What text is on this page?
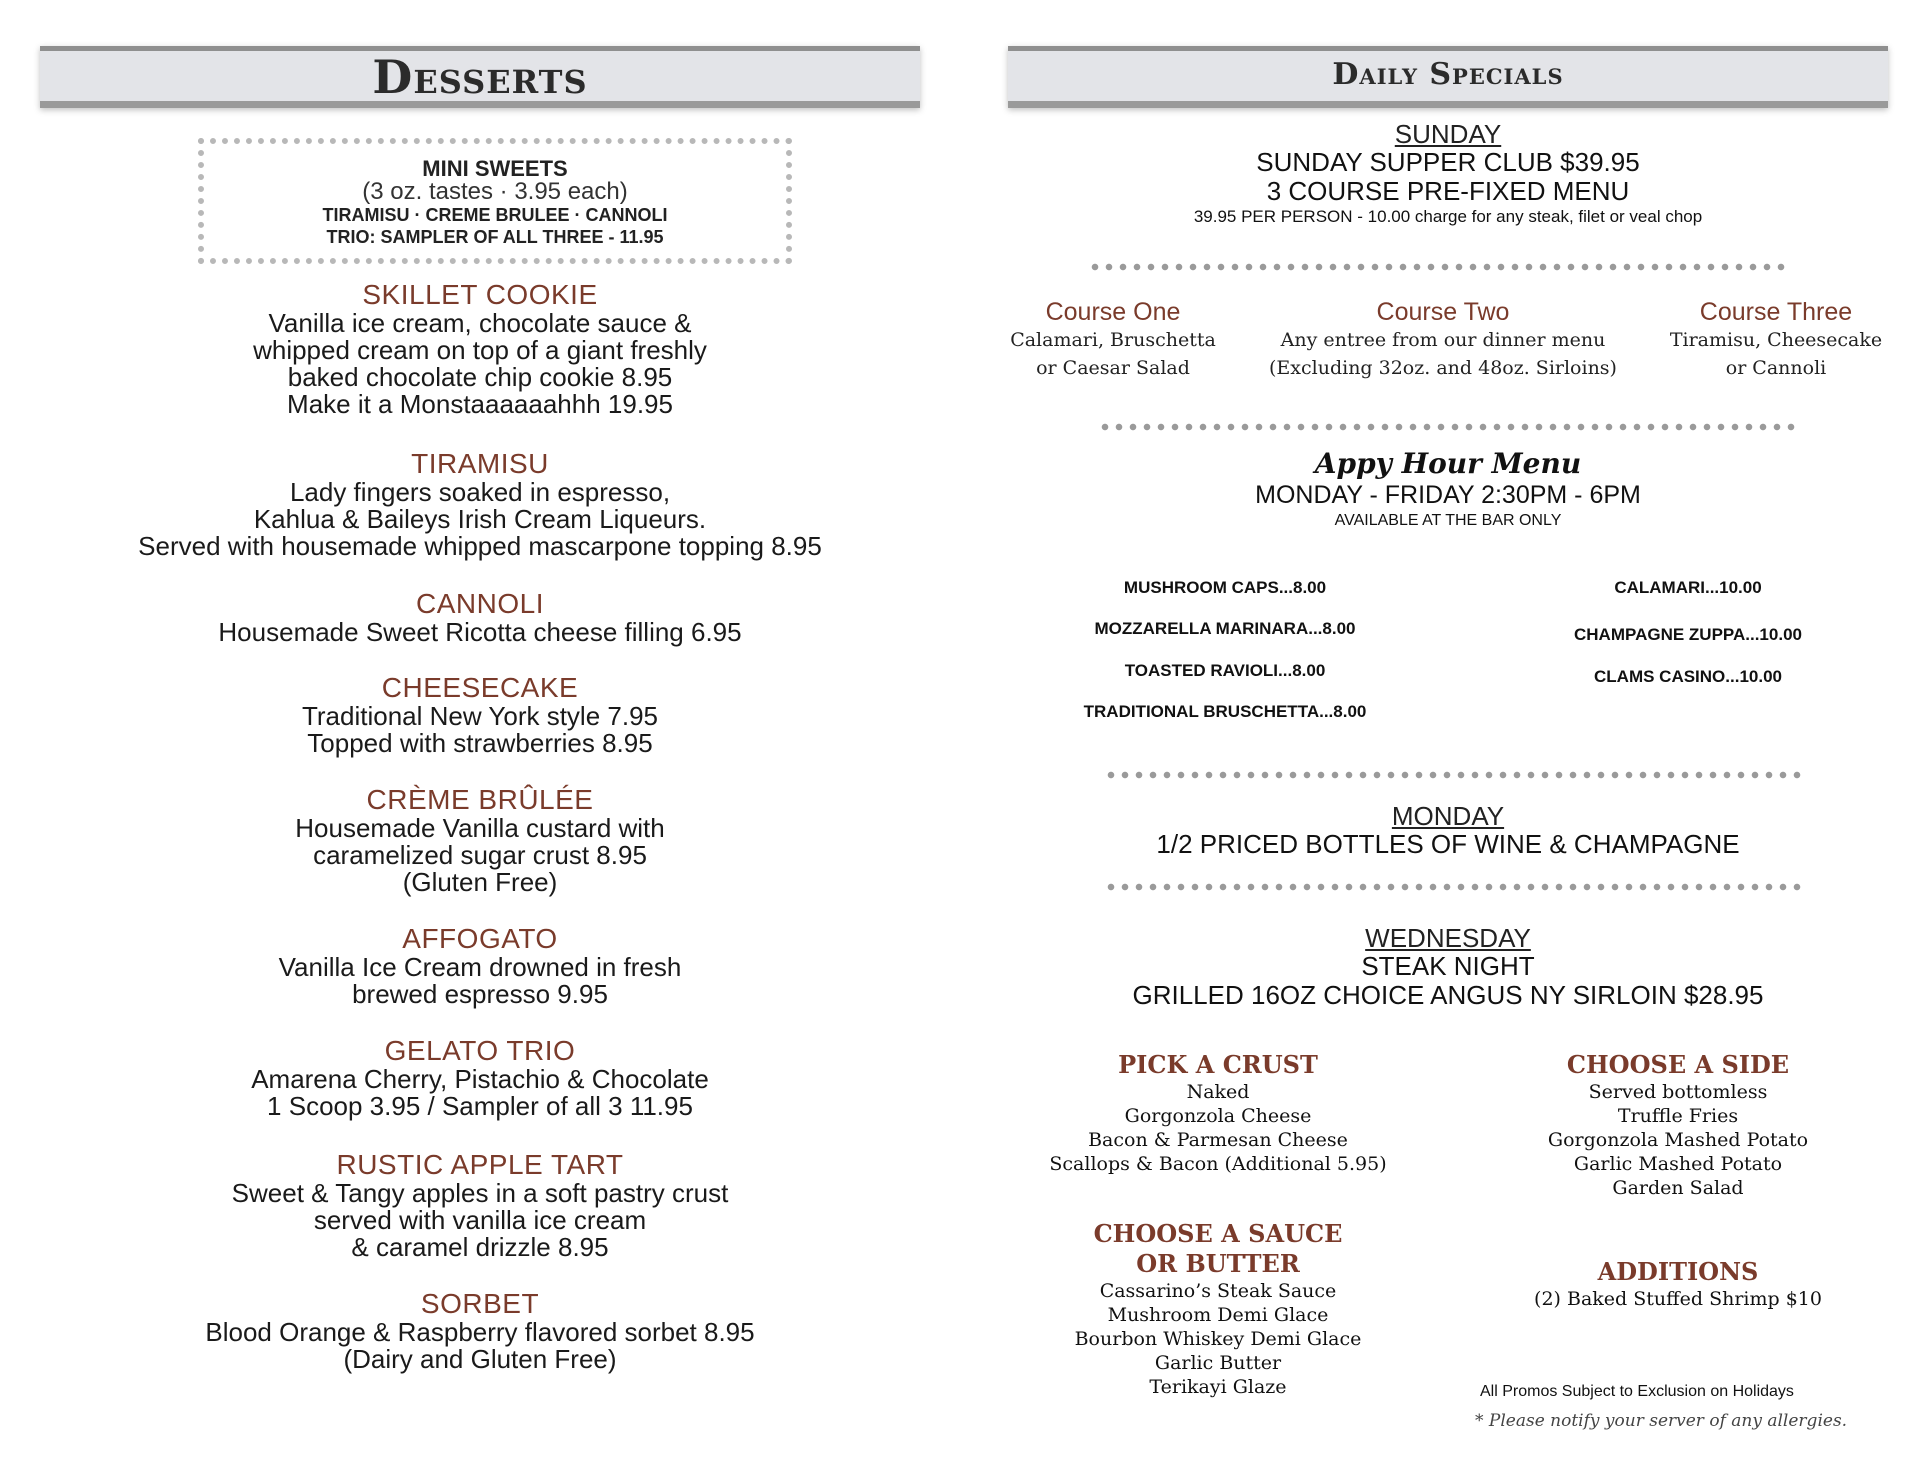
Desserts
MINI SWEETS
(3 oz. tastes · 3.95 each)
TIRAMISU · CREME BRULEE · CANNOLI
TRIO: SAMPLER OF ALL THREE - 11.95
SKILLET COOKIE
Vanilla ice cream, chocolate sauce &
whipped cream on top of a giant freshly
baked chocolate chip cookie 8.95
Make it a Monstaaaaaahhh 19.95
TIRAMISU
Lady fingers soaked in espresso,
Kahlua & Baileys Irish Cream Liqueurs.
Served with housemade whipped mascarpone topping 8.95
CANNOLI
Housemade Sweet Ricotta cheese filling 6.95
CHEESECAKE
Traditional New York style 7.95
Topped with strawberries 8.95
CRÈME BRÛLÉE
Housemade Vanilla custard with
caramelized sugar crust 8.95
(Gluten Free)
AFFOGATO
Vanilla Ice Cream drowned in fresh
brewed espresso 9.95
GELATO TRIO
Amarena Cherry, Pistachio & Chocolate
1 Scoop 3.95 / Sampler of all 3 11.95
RUSTIC APPLE TART
Sweet & Tangy apples in a soft pastry crust
served with vanilla ice cream
& caramel drizzle 8.95
SORBET
Blood Orange & Raspberry flavored sorbet 8.95
(Dairy and Gluten Free)
Daily Specials
SUNDAY
SUNDAY SUPPER CLUB $39.95
3 COURSE PRE-FIXED MENU
39.95 PER PERSON - 10.00 charge for any steak, filet or veal chop
Course One
Calamari, Bruschetta
or Caesar Salad
Course Two
Any entree from our dinner menu
(Excluding 32oz. and 48oz. Sirloins)
Course Three
Tiramisu, Cheesecake
or Cannoli
Appy Hour Menu
MONDAY - FRIDAY 2:30PM - 6PM
AVAILABLE AT THE BAR ONLY
MUSHROOM CAPS...8.00
MOZZARELLA MARINARA...8.00
TOASTED RAVIOLI...8.00
TRADITIONAL BRUSCHETTA...8.00
CALAMARI...10.00
CHAMPAGNE ZUPPA...10.00
CLAMS CASINO...10.00
MONDAY
1/2 PRICED BOTTLES OF WINE & CHAMPAGNE
WEDNESDAY
STEAK NIGHT
GRILLED 16OZ CHOICE ANGUS NY SIRLOIN $28.95
PICK A CRUST
Naked
Gorgonzola Cheese
Bacon & Parmesan Cheese
Scallops & Bacon (Additional 5.95)
CHOOSE A SIDE
Served bottomless
Truffle Fries
Gorgonzola Mashed Potato
Garlic Mashed Potato
Garden Salad
CHOOSE A SAUCE
OR BUTTER
Cassarino’s Steak Sauce
Mushroom Demi Glace
Bourbon Whiskey Demi Glace
Garlic Butter
Terikayi Glaze
ADDITIONS
(2) Baked Stuffed Shrimp $10
All Promos Subject to Exclusion on Holidays
* Please notify your server of any allergies.
